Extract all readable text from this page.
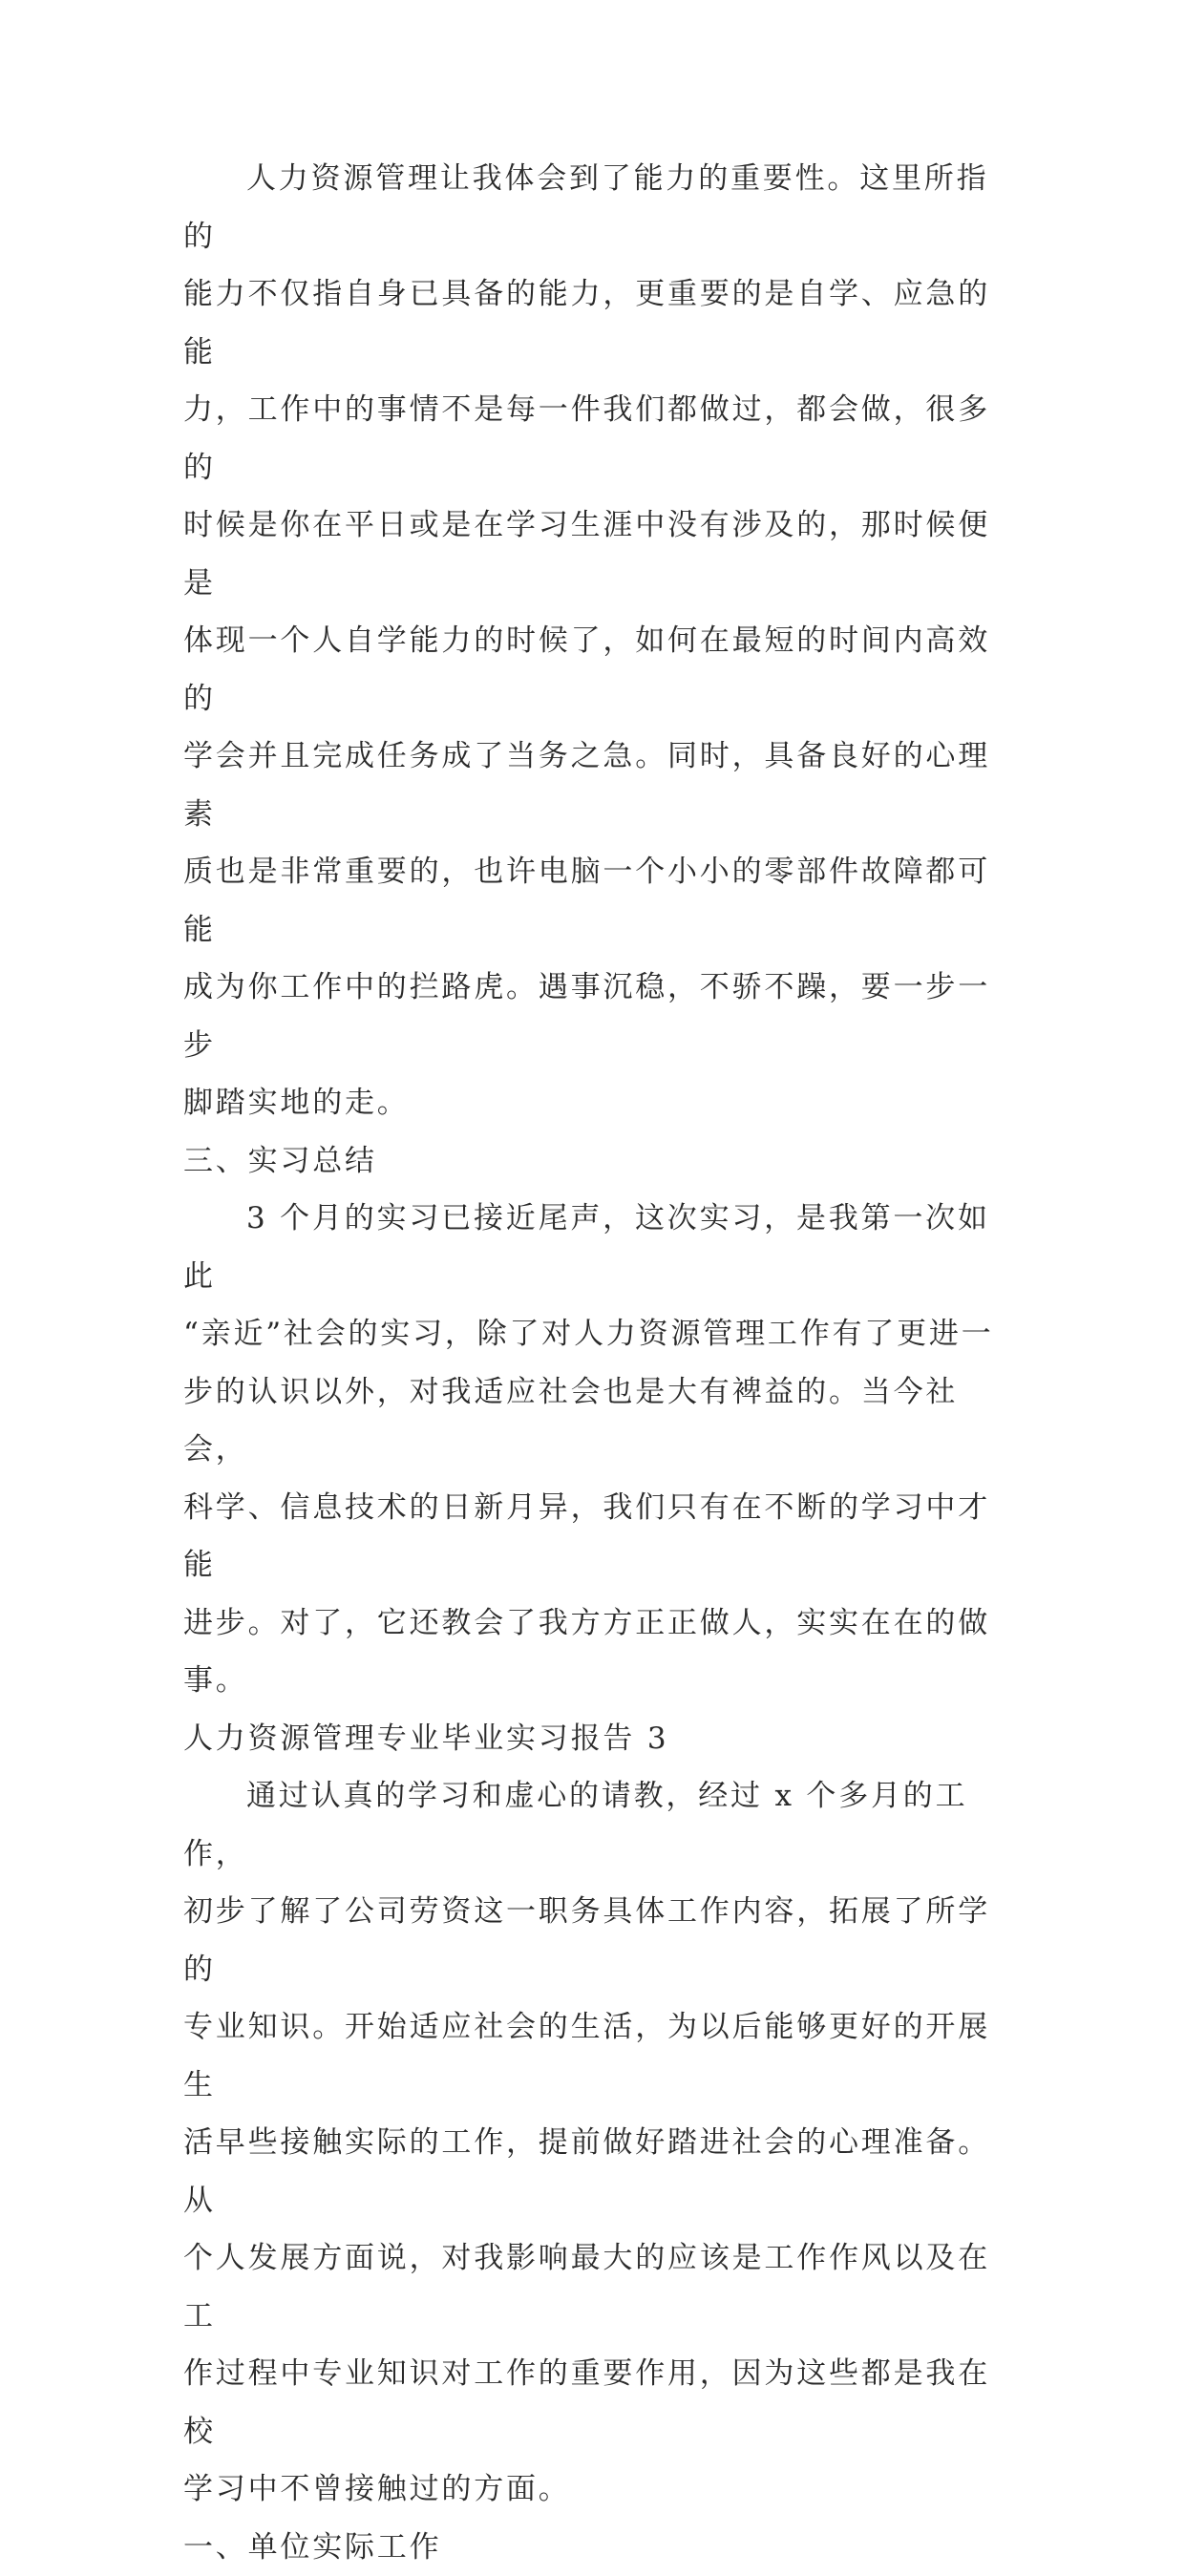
人力资源管理让我体会到了能力的重要性。这里所指的
能力不仅指自身已具备的能力，更重要的是自学、应急的能
力，工作中的事情不是每一件我们都做过，都会做，很多的
时候是你在平日或是在学习生涯中没有涉及的，那时候便是
体现一个人自学能力的时候了，如何在最短的时间内高效的
学会并且完成任务成了当务之急。同时，具备良好的心理素
质也是非常重要的，也许电脑一个小小的零部件故障都可能
成为你工作中的拦路虎。遇事沉稳，不骄不躁，要一步一步
脚踏实地的走。

三、实习总结

3 个月的实习已接近尾声，这次实习，是我第一次如此
“亲近”社会的实习，除了对人力资源管理工作有了更进一
步的认识以外，对我适应社会也是大有裨益的。当今社会，
科学、信息技术的日新月异，我们只有在不断的学习中才能
进步。对了，它还教会了我方方正正做人，实实在在的做事。

人力资源管理专业毕业实习报告 3

通过认真的学习和虚心的请教，经过 x 个多月的工作，
初步了解了公司劳资这一职务具体工作内容，拓展了所学的
专业知识。开始适应社会的生活，为以后能够更好的开展生
活早些接触实际的工作，提前做好踏进社会的心理准备。从
个人发展方面说，对我影响最大的应该是工作作风以及在工
作过程中专业知识对工作的重要作用，因为这些都是我在校
学习中不曾接触过的方面。

一、单位实际工作
